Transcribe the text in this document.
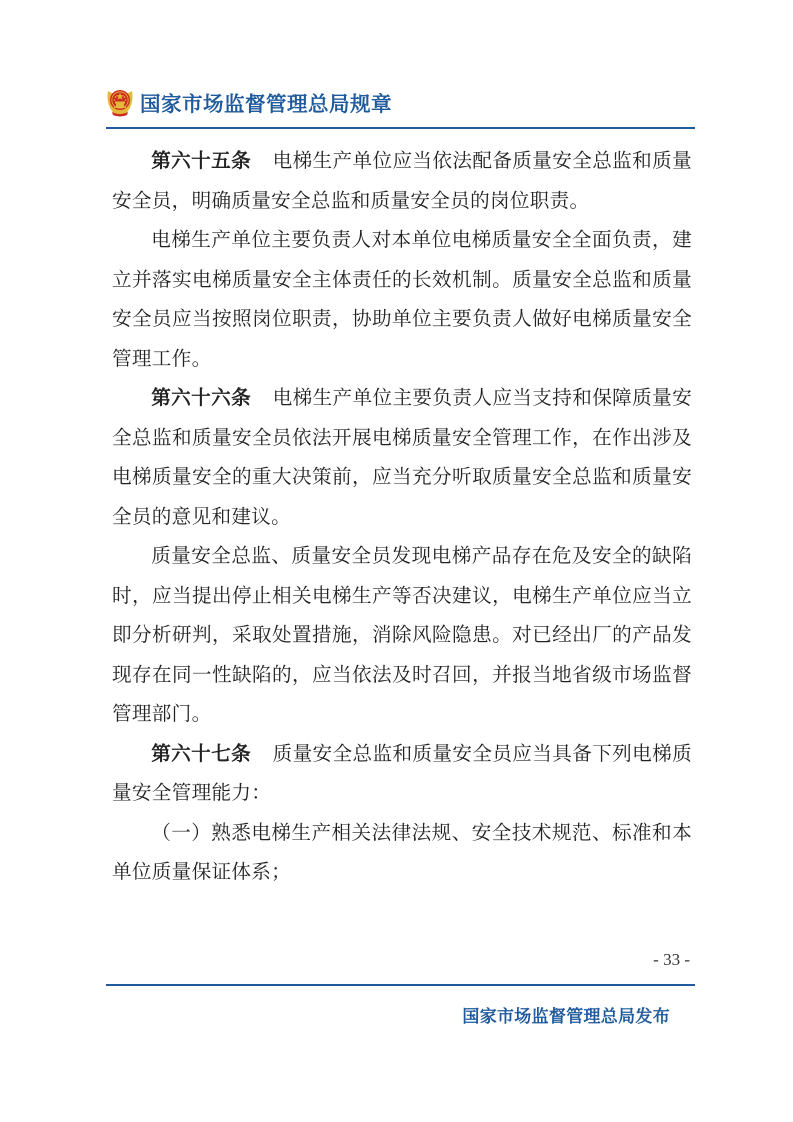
国家市场监督管理总局规章

第六十五条 电梯生产单位应当依法配备质量安全总监和质量安全员，明确质量安全总监和质量安全员的岗位职责。

电梯生产单位主要负责人对本单位电梯质量安全全面负责，建立并落实电梯质量安全主体责任的长效机制。质量安全总监和质量安全员应当按照岗位职责，协助单位主要负责人做好电梯质量安全管理工作。

第六十六条 电梯生产单位主要负责人应当支持和保障质量安全总监和质量安全员依法开展电梯质量安全管理工作，在作出涉及电梯质量安全的重大决策前，应当充分听取质量安全总监和质量安全员的意见和建议。

质量安全总监、质量安全员发现电梯产品存在危及安全的缺陷时，应当提出停止相关电梯生产等否决建议，电梯生产单位应当立即分析研判，采取处置措施，消除风险隐患。对已经出厂的产品发现存在同一性缺陷的，应当依法及时召回，并报当地省级市场监督管理部门。

第六十七条 质量安全总监和质量安全员应当具备下列电梯质量安全管理能力：

（一）熟悉电梯生产相关法律法规、安全技术规范、标准和本单位质量保证体系；

- 33 -
国家市场监督管理总局发布
